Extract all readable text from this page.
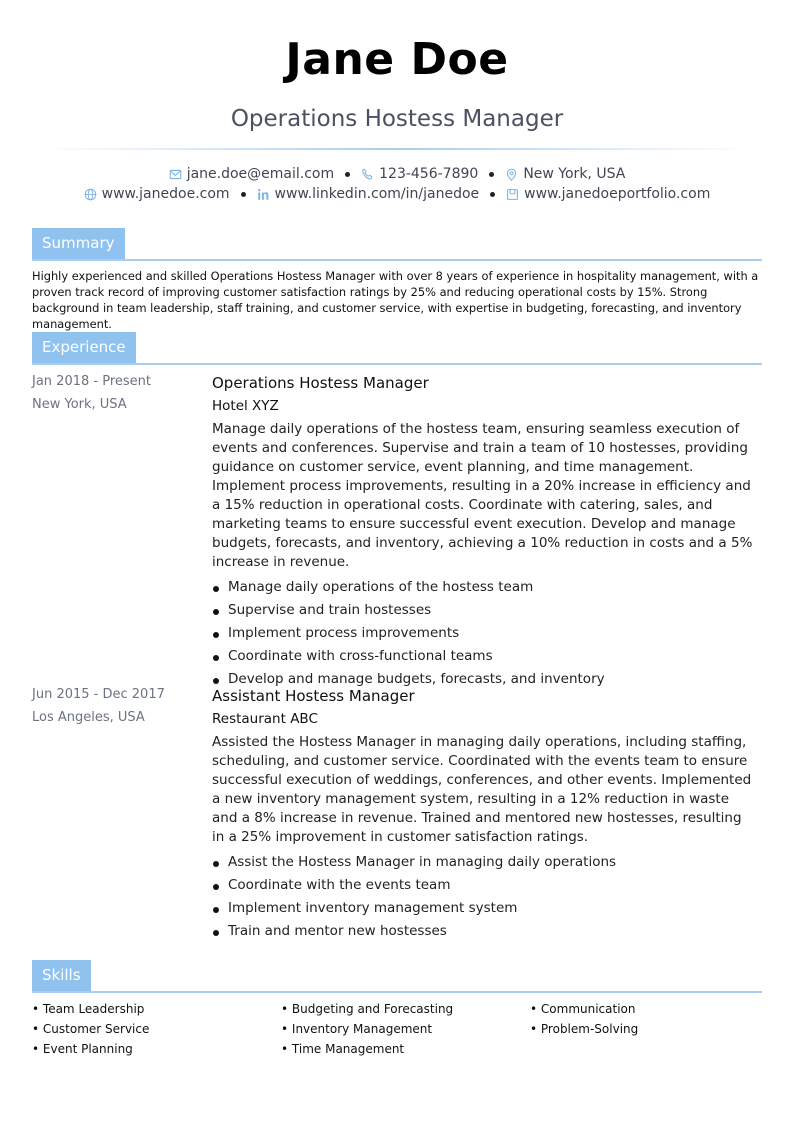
Jane Doe
Operations Hostess Manager
jane.doe@email.com	123-456-7890	New York, USA
www.janedoe.com	www.linkedin.com/in/janedoe	www.janedoeportfolio.com
Summary
Highly experienced and skilled Operations Hostess Manager with over 8 years of experience in hospitality management, with a proven track record of improving customer satisfaction ratings by 25% and reducing operational costs by 15%. Strong background in team leadership, staff training, and customer service, with expertise in budgeting, forecasting, and inventory management.
Experience
Jan 2018 - Present
New York, USA
Operations Hostess Manager
Hotel XYZ
Manage daily operations of the hostess team, ensuring seamless execution of events and conferences. Supervise and train a team of 10 hostesses, providing guidance on customer service, event planning, and time management. Implement process improvements, resulting in a 20% increase in efficiency and a 15% reduction in operational costs. Coordinate with catering, sales, and marketing teams to ensure successful event execution. Develop and manage budgets, forecasts, and inventory, achieving a 10% reduction in costs and a 5% increase in revenue.
Manage daily operations of the hostess team
Supervise and train hostesses
Implement process improvements
Coordinate with cross-functional teams
Develop and manage budgets, forecasts, and inventory
Jun 2015 - Dec 2017
Los Angeles, USA
Assistant Hostess Manager
Restaurant ABC
Assisted the Hostess Manager in managing daily operations, including staffing, scheduling, and customer service. Coordinated with the events team to ensure successful execution of weddings, conferences, and other events. Implemented a new inventory management system, resulting in a 12% reduction in waste and a 8% increase in revenue. Trained and mentored new hostesses, resulting in a 25% improvement in customer satisfaction ratings.
Assist the Hostess Manager in managing daily operations
Coordinate with the events team
Implement inventory management system
Train and mentor new hostesses
Skills
• Team Leadership
• Customer Service
• Event Planning
• Budgeting and Forecasting
• Inventory Management
• Time Management
• Communication
• Problem-Solving
